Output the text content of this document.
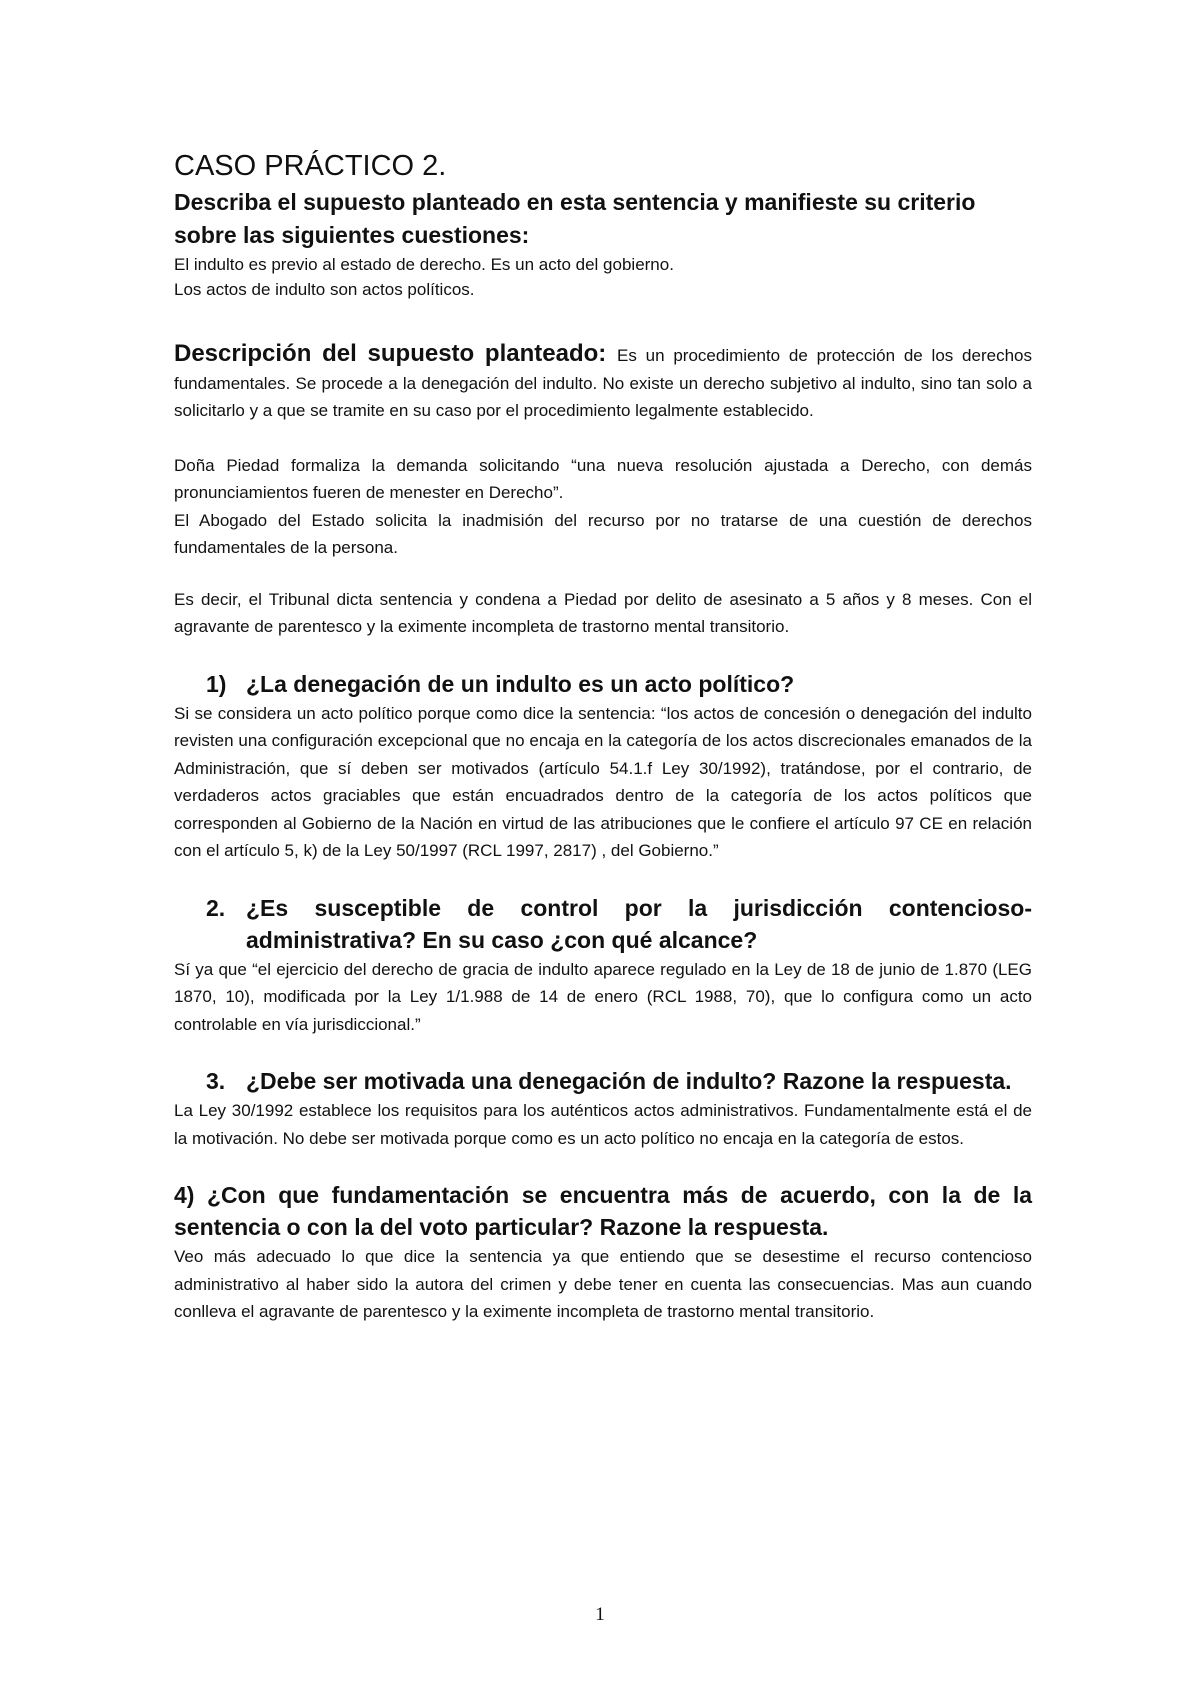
CASO PRÁCTICO 2.

Describa el supuesto planteado en esta sentencia y manifieste su criterio sobre las siguientes cuestiones:

El indulto es previo al estado de derecho. Es un acto del gobierno.

Los actos de indulto son actos políticos.

Descripción del supuesto planteado: Es un procedimiento de protección de los derechos fundamentales. Se procede a la denegación del indulto. No existe un derecho subjetivo al indulto, sino tan solo a solicitarlo y a que se tramite en su caso por el procedimiento legalmente establecido.

Doña Piedad formaliza la demanda solicitando “una nueva resolución ajustada a Derecho, con demás pronunciamientos fueren de menester en Derecho”.

El Abogado del Estado solicita la inadmisión del recurso por no tratarse de una cuestión de derechos fundamentales de la persona.

Es decir, el Tribunal dicta sentencia y condena a Piedad por delito de asesinato a 5 años y 8 meses. Con el agravante de parentesco y la eximente incompleta de trastorno mental transitorio.

1) ¿La denegación de un indulto es un acto político?

Si se considera un acto político porque como dice la sentencia: “los actos de concesión o denegación del indulto revisten una configuración excepcional que no encaja en la categoría de los actos discrecionales emanados de la Administración, que sí deben ser motivados (artículo 54.1.f Ley 30/1992), tratándose, por el contrario, de verdaderos actos graciables que están encuadrados dentro de la categoría de los actos políticos que corresponden al Gobierno de la Nación en virtud de las atribuciones que le confiere el artículo 97 CE en relación con el artículo 5, k) de la Ley 50/1997 (RCL 1997, 2817) , del Gobierno.”

2. ¿Es susceptible de control por la jurisdicción contencioso-administrativa? En su caso ¿con qué alcance?

Sí ya que “el ejercicio del derecho de gracia de indulto aparece regulado en la Ley de 18 de junio de 1.870 (LEG 1870, 10), modificada por la Ley 1/1.988 de 14 de enero (RCL 1988, 70), que lo configura como un acto controlable en vía jurisdiccional.”

3. ¿Debe ser motivada una denegación de indulto? Razone la respuesta.

La Ley 30/1992 establece los requisitos para los auténticos actos administrativos. Fundamentalmente está el de la motivación. No debe ser motivada porque como es un acto político no encaja en la categoría de estos.

4) ¿Con que fundamentación se encuentra más de acuerdo, con la de la sentencia o con la del voto particular? Razone la respuesta.

Veo más adecuado lo que dice la sentencia ya que entiendo que se desestime el recurso contencioso administrativo al haber sido la autora del crimen y debe tener en cuenta las consecuencias. Mas aun cuando conlleva el agravante de parentesco y la eximente incompleta de trastorno mental transitorio.

1
